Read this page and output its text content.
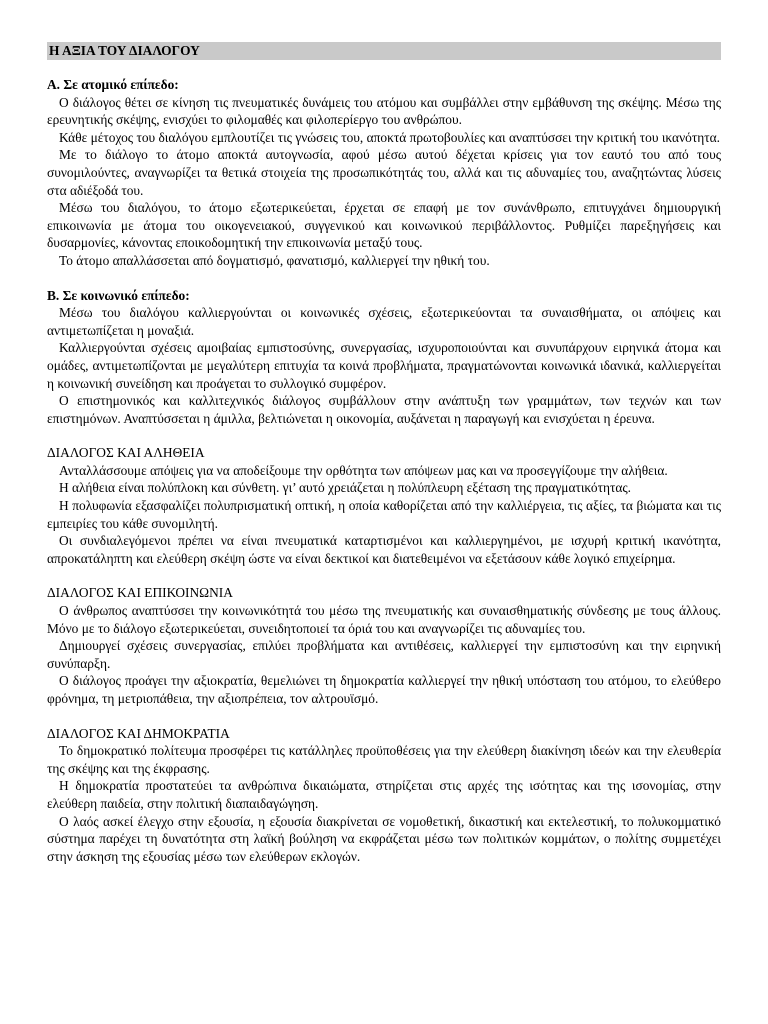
Η ΑΞΙΑ ΤΟΥ ΔΙΑΛΟΓΟΥ
Α. Σε ατομικό επίπεδο:

Ο διάλογος θέτει σε κίνηση τις πνευματικές δυνάμεις του ατόμου και συμβάλλει στην εμβάθυνση της σκέψης. Μέσω της ερευνητικής σκέψης, ενισχύει το φιλομαθές και φιλοπερίεργο του ανθρώπου.

Κάθε μέτοχος του διαλόγου εμπλουτίζει τις γνώσεις του, αποκτά πρωτοβουλίες και αναπτύσσει την κριτική του ικανότητα.

Με το διάλογο το άτομο αποκτά αυτογνωσία, αφού μέσω αυτού δέχεται κρίσεις για τον εαυτό του από τους συνομιλούντες, αναγνωρίζει τα θετικά στοιχεία της προσωπικότητάς του, αλλά και τις αδυναμίες του, αναζητώντας λύσεις στα αδιέξοδά του.

Μέσω του διαλόγου, το άτομο εξωτερικεύεται, έρχεται σε επαφή με τον συνάνθρωπο, επιτυγχάνει δημιουργική επικοινωνία με άτομα του οικογενειακού, συγγενικού και κοινωνικού περιβάλλοντος. Ρυθμίζει παρεξηγήσεις και δυσαρμονίες, κάνοντας εποικοδομητική την επικοινωνία μεταξύ τους.

Το άτομο απαλλάσσεται από δογματισμό, φανατισμό, καλλιεργεί την ηθική του.

Β. Σε κοινωνικό επίπεδο:

Μέσω του διαλόγου καλλιεργούνται οι κοινωνικές σχέσεις, εξωτερικεύονται τα συναισθήματα, οι απόψεις και αντιμετωπίζεται η μοναξιά.

Καλλιεργούνται σχέσεις αμοιβαίας εμπιστοσύνης, συνεργασίας, ισχυροποιούνται και συνυπάρχουν ειρηνικά άτομα και ομάδες, αντιμετωπίζονται με μεγαλύτερη επιτυχία τα κοινά προβλήματα, πραγματώνονται κοινωνικά ιδανικά, καλλιεργείται η κοινωνική συνείδηση και προάγεται το συλλογικό συμφέρον.

Ο επιστημονικός και καλλιτεχνικός διάλογος συμβάλλουν στην ανάπτυξη των γραμμάτων, των τεχνών και των επιστημόνων. Αναπτύσσεται η άμιλλα, βελτιώνεται η οικονομία, αυξάνεται η παραγωγή και ενισχύεται η έρευνα.

ΔΙΑΛΟΓΟΣ ΚΑΙ ΑΛΗΘΕΙΑ

Ανταλλάσσουμε απόψεις για να αποδείξουμε την ορθότητα των απόψεων μας και να προσεγγίζουμε την αλήθεια.

Η αλήθεια είναι πολύπλοκη και σύνθετη. γι’ αυτό χρειάζεται η πολύπλευρη εξέταση της πραγματικότητας.

Η πολυφωνία εξασφαλίζει πολυπρισματική οπτική, η οποία καθορίζεται από την καλλιέργεια, τις αξίες, τα βιώματα και τις εμπειρίες του κάθε συνομιλητή.

Οι συνδιαλεγόμενοι πρέπει να είναι πνευματικά καταρτισμένοι και καλλιεργημένοι, με ισχυρή κριτική ικανότητα, απροκατάληπτη και ελεύθερη σκέψη ώστε να είναι δεκτικοί και διατεθειμένοι να εξετάσουν κάθε λογικό επιχείρημα.

ΔΙΑΛΟΓΟΣ ΚΑΙ ΕΠΙΚΟΙΝΩΝΙΑ

Ο άνθρωπος αναπτύσσει την κοινωνικότητά του μέσω της πνευματικής και συναισθηματικής σύνδεσης με τους άλλους. Μόνο με το διάλογο εξωτερικεύεται, συνειδητοποιεί τα όριά του και αναγνωρίζει τις αδυναμίες του.

Δημιουργεί σχέσεις συνεργασίας, επιλύει προβλήματα και αντιθέσεις, καλλιεργεί την εμπιστοσύνη και την ειρηνική συνύπαρξη.

Ο διάλογος προάγει την αξιοκρατία, θεμελιώνει τη δημοκρατία καλλιεργεί την ηθική υπόσταση του ατόμου, το ελεύθερο φρόνημα, τη μετριοπάθεια, την αξιοπρέπεια, τον αλτρουϊσμό.

ΔΙΑΛΟΓΟΣ ΚΑΙ ΔΗΜΟΚΡΑΤΙΑ

Το δημοκρατικό πολίτευμα προσφέρει τις κατάλληλες προϋποθέσεις για την ελεύθερη διακίνηση ιδεών και την ελευθερία της σκέψης και της έκφρασης.

Η δημοκρατία προστατεύει τα ανθρώπινα δικαιώματα, στηρίζεται στις αρχές της ισότητας και της ισονομίας, στην ελεύθερη παιδεία, στην πολιτική διαπαιδαγώγηση.

Ο λαός ασκεί έλεγχο στην εξουσία, η εξουσία διακρίνεται σε νομοθετική, δικαστική και εκτελεστική, το πολυκομματικό σύστημα παρέχει τη δυνατότητα στη λαϊκή βούληση να εκφράζεται μέσω των πολιτικών κομμάτων, ο πολίτης συμμετέχει στην άσκηση της εξουσίας μέσω των ελεύθερων εκλογών.
